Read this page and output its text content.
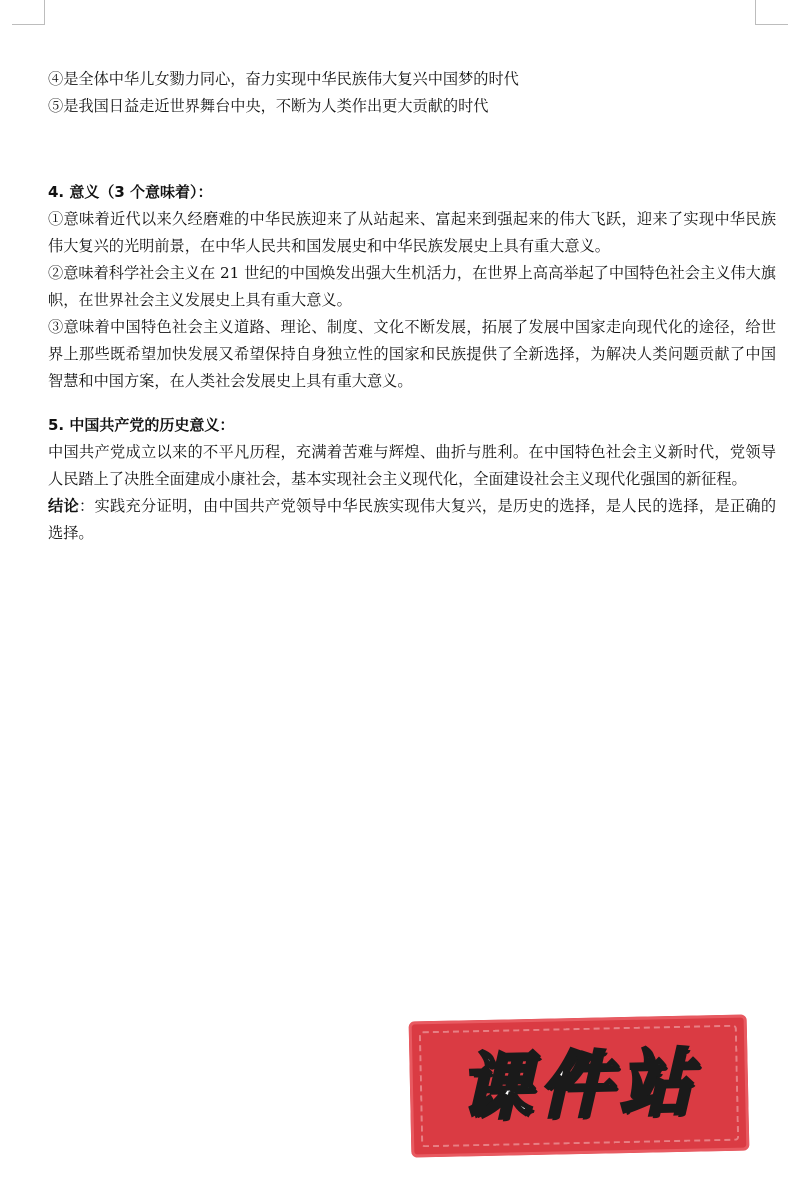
④是全体中华儿女勠力同心，奋力实现中华民族伟大复兴中国梦的时代

⑤是我国日益走近世界舞台中央，不断为人类作出更大贡献的时代

4. 意义（3 个意味着）：

①意味着近代以来久经磨难的中华民族迎来了从站起来、富起来到强起来的伟大飞跃，迎来了实现中华民族伟大复兴的光明前景，在中华人民共和国发展史和中华民族发展史上具有重大意义。

②意味着科学社会主义在 21 世纪的中国焕发出强大生机活力，在世界上高高举起了中国特色社会主义伟大旗帜，在世界社会主义发展史上具有重大意义。

③意味着中国特色社会主义道路、理论、制度、文化不断发展，拓展了发展中国家走向现代化的途径，给世界上那些既希望加快发展又希望保持自身独立性的国家和民族提供了全新选择，为解决人类问题贡献了中国智慧和中国方案，在人类社会发展史上具有重大意义。

5. 中国共产党的历史意义：

中国共产党成立以来的不平凡历程，充满着苦难与辉煌、曲折与胜利。在中国特色社会主义新时代，党领导人民踏上了决胜全面建成小康社会，基本实现社会主义现代化，全面建设社会主义现代化强国的新征程。

结论：实践充分证明，由中国共产党领导中华民族实现伟大复兴，是历史的选择，是人民的选择，是正确的选择。

课件站
